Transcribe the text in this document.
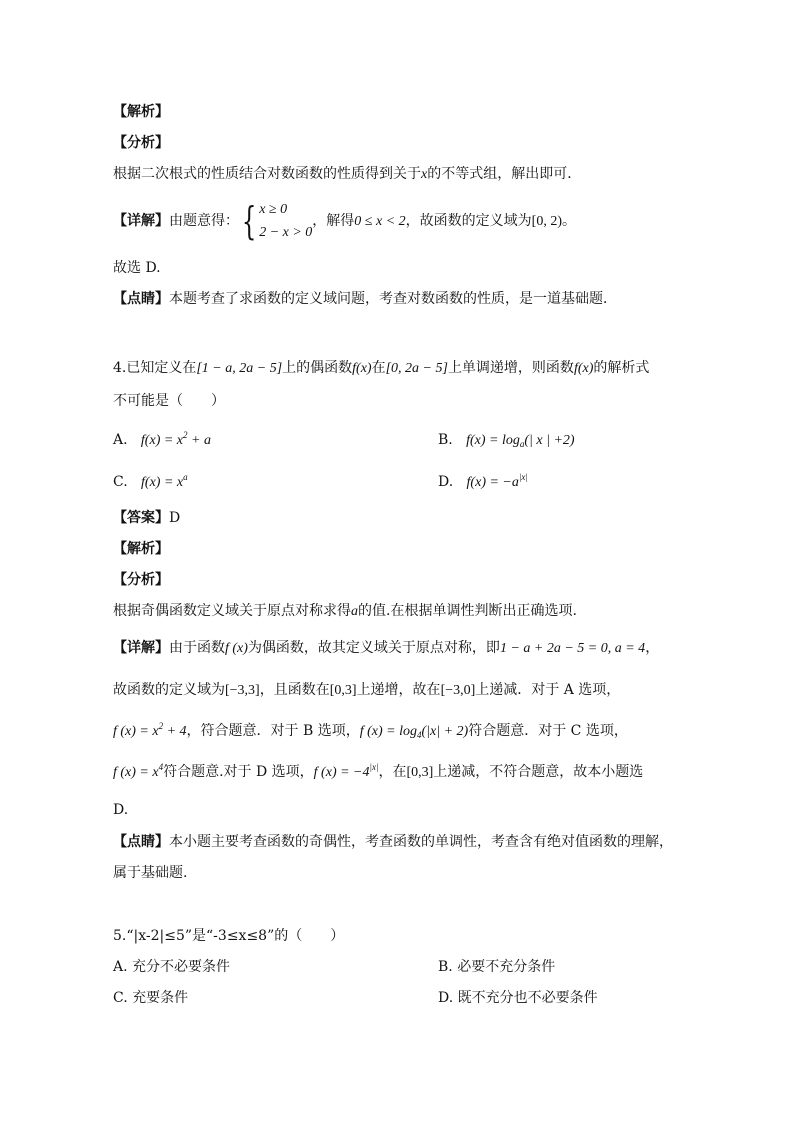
【解析】
【分析】
根据二次根式的性质结合对数函数的性质得到关于x的不等式组，解出即可．
【详解】由题意得：{ x ≥ 0
2 − x > 0，解得0 ≤ x < 2，故函数的定义域为[0, 2)。
故选 D.
【点睛】本题考查了求函数的定义域问题，考查对数函数的性质，是一道基础题．
4.已知定义在[1 − a, 2a − 5]上的偶函数f(x)在[0, 2a − 5]上单调递增，则函数f(x)的解析式
不可能是（　　）
A. $f(x) = x^2 + a$	B. $f(x) = \log_a(|$ x | +2)
C. $f(x) = x^a$	D. $f(x) = -a^{|x|}$
【答案】D
【解析】
【分析】
根据奇偶函数定义域关于原点对称求得a的值.在根据单调性判断出正确选项.
【详解】由于函数f (x)为偶函数，故其定义域关于原点对称，即1 − a + 2a − 5 = 0, a = 4，
故函数的定义域为[−3,3]，且函数在[0,3]上递增，故在[−3,0]上递减．对于 A 选项，
f $(x) = x^2 + 4$，符合题意．对于 B 选项，f $(x) = \log_4(|x| + 2)$符合题意．对于 C 选项，
f $(x) = x^4$符合题意.对于 D 选项，f $(x) = -4^{|x|}$，在[0,3]上递减，不符合题意，故本小题选
D.
【点睛】本小题主要考查函数的奇偶性，考查函数的单调性，考查含有绝对值函数的理解，
属于基础题.
5.“|x-2|≤5”是“-3≤x≤8”的（　　）
A. 充分不必要条件	B. 必要不充分条件
C. 充要条件	D. 既不充分也不必要条件
